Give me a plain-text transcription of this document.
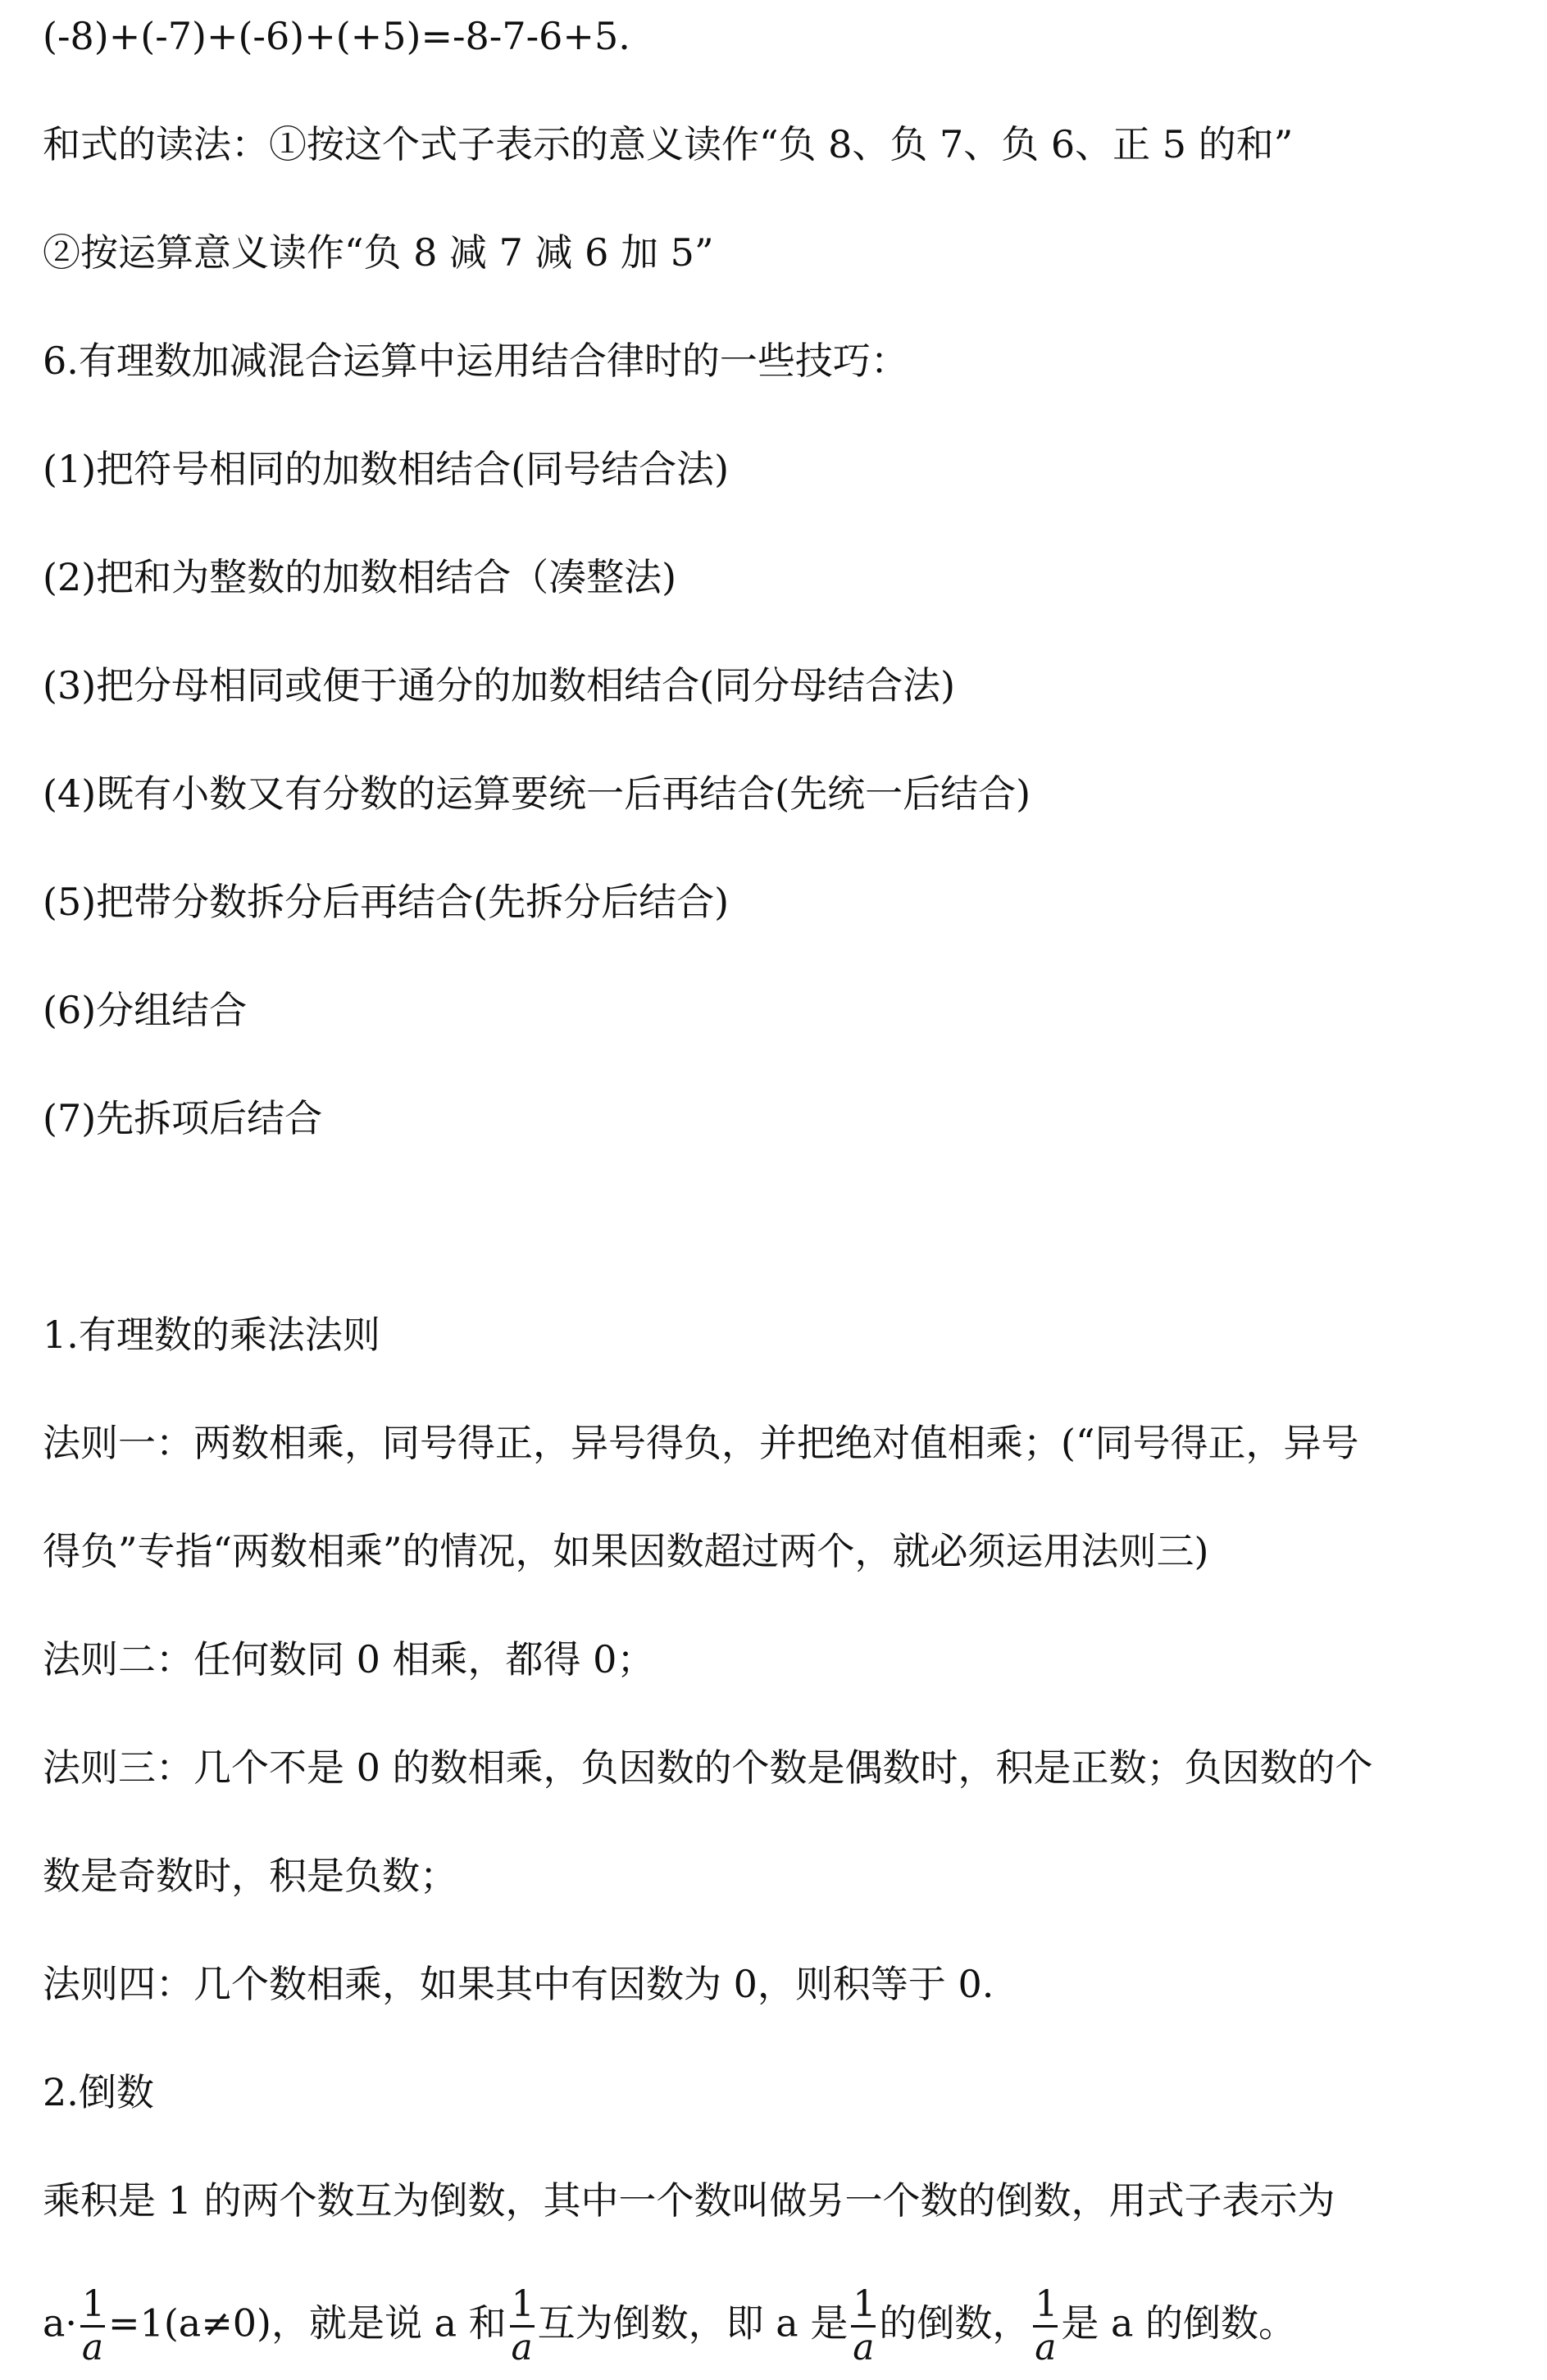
(-8)+(-7)+(-6)+(+5)=-8-7-6+5.
和式的读法：①按这个式子表示的意义读作“负 8、负 7、负 6、正 5 的和”
②按运算意义读作“负 8 减 7 减 6 加 5”
6.有理数加减混合运算中运用结合律时的一些技巧：
(1)把符号相同的加数相结合(同号结合法)
(2)把和为整数的加数相结合（凑整法)
(3)把分母相同或便于通分的加数相结合(同分母结合法)
(4)既有小数又有分数的运算要统一后再结合(先统一后结合)
(5)把带分数拆分后再结合(先拆分后结合)
(6)分组结合
(7)先拆项后结合
1.有理数的乘法法则
法则一：两数相乘，同号得正，异号得负，并把绝对值相乘；(“同号得正，异号
得负”专指“两数相乘”的情况，如果因数超过两个，就必须运用法则三)
法则二：任何数同 0 相乘，都得 0；
法则三：几个不是 0 的数相乘，负因数的个数是偶数时，积是正数；负因数的个
数是奇数时，积是负数；
法则四：几个数相乘，如果其中有因数为 0，则积等于 0.
2.倒数
乘积是 1 的两个数互为倒数，其中一个数叫做另一个数的倒数，用式子表示为
$a\cdot \frac{1}{a} =1(a\ne 0)$，就是说 a 和 $\frac{1}{a}$ 互为倒数，即 a 是 $\frac{1}{a}$ 的倒数， $\frac{1}{a}$ 是 a 的倒数。
